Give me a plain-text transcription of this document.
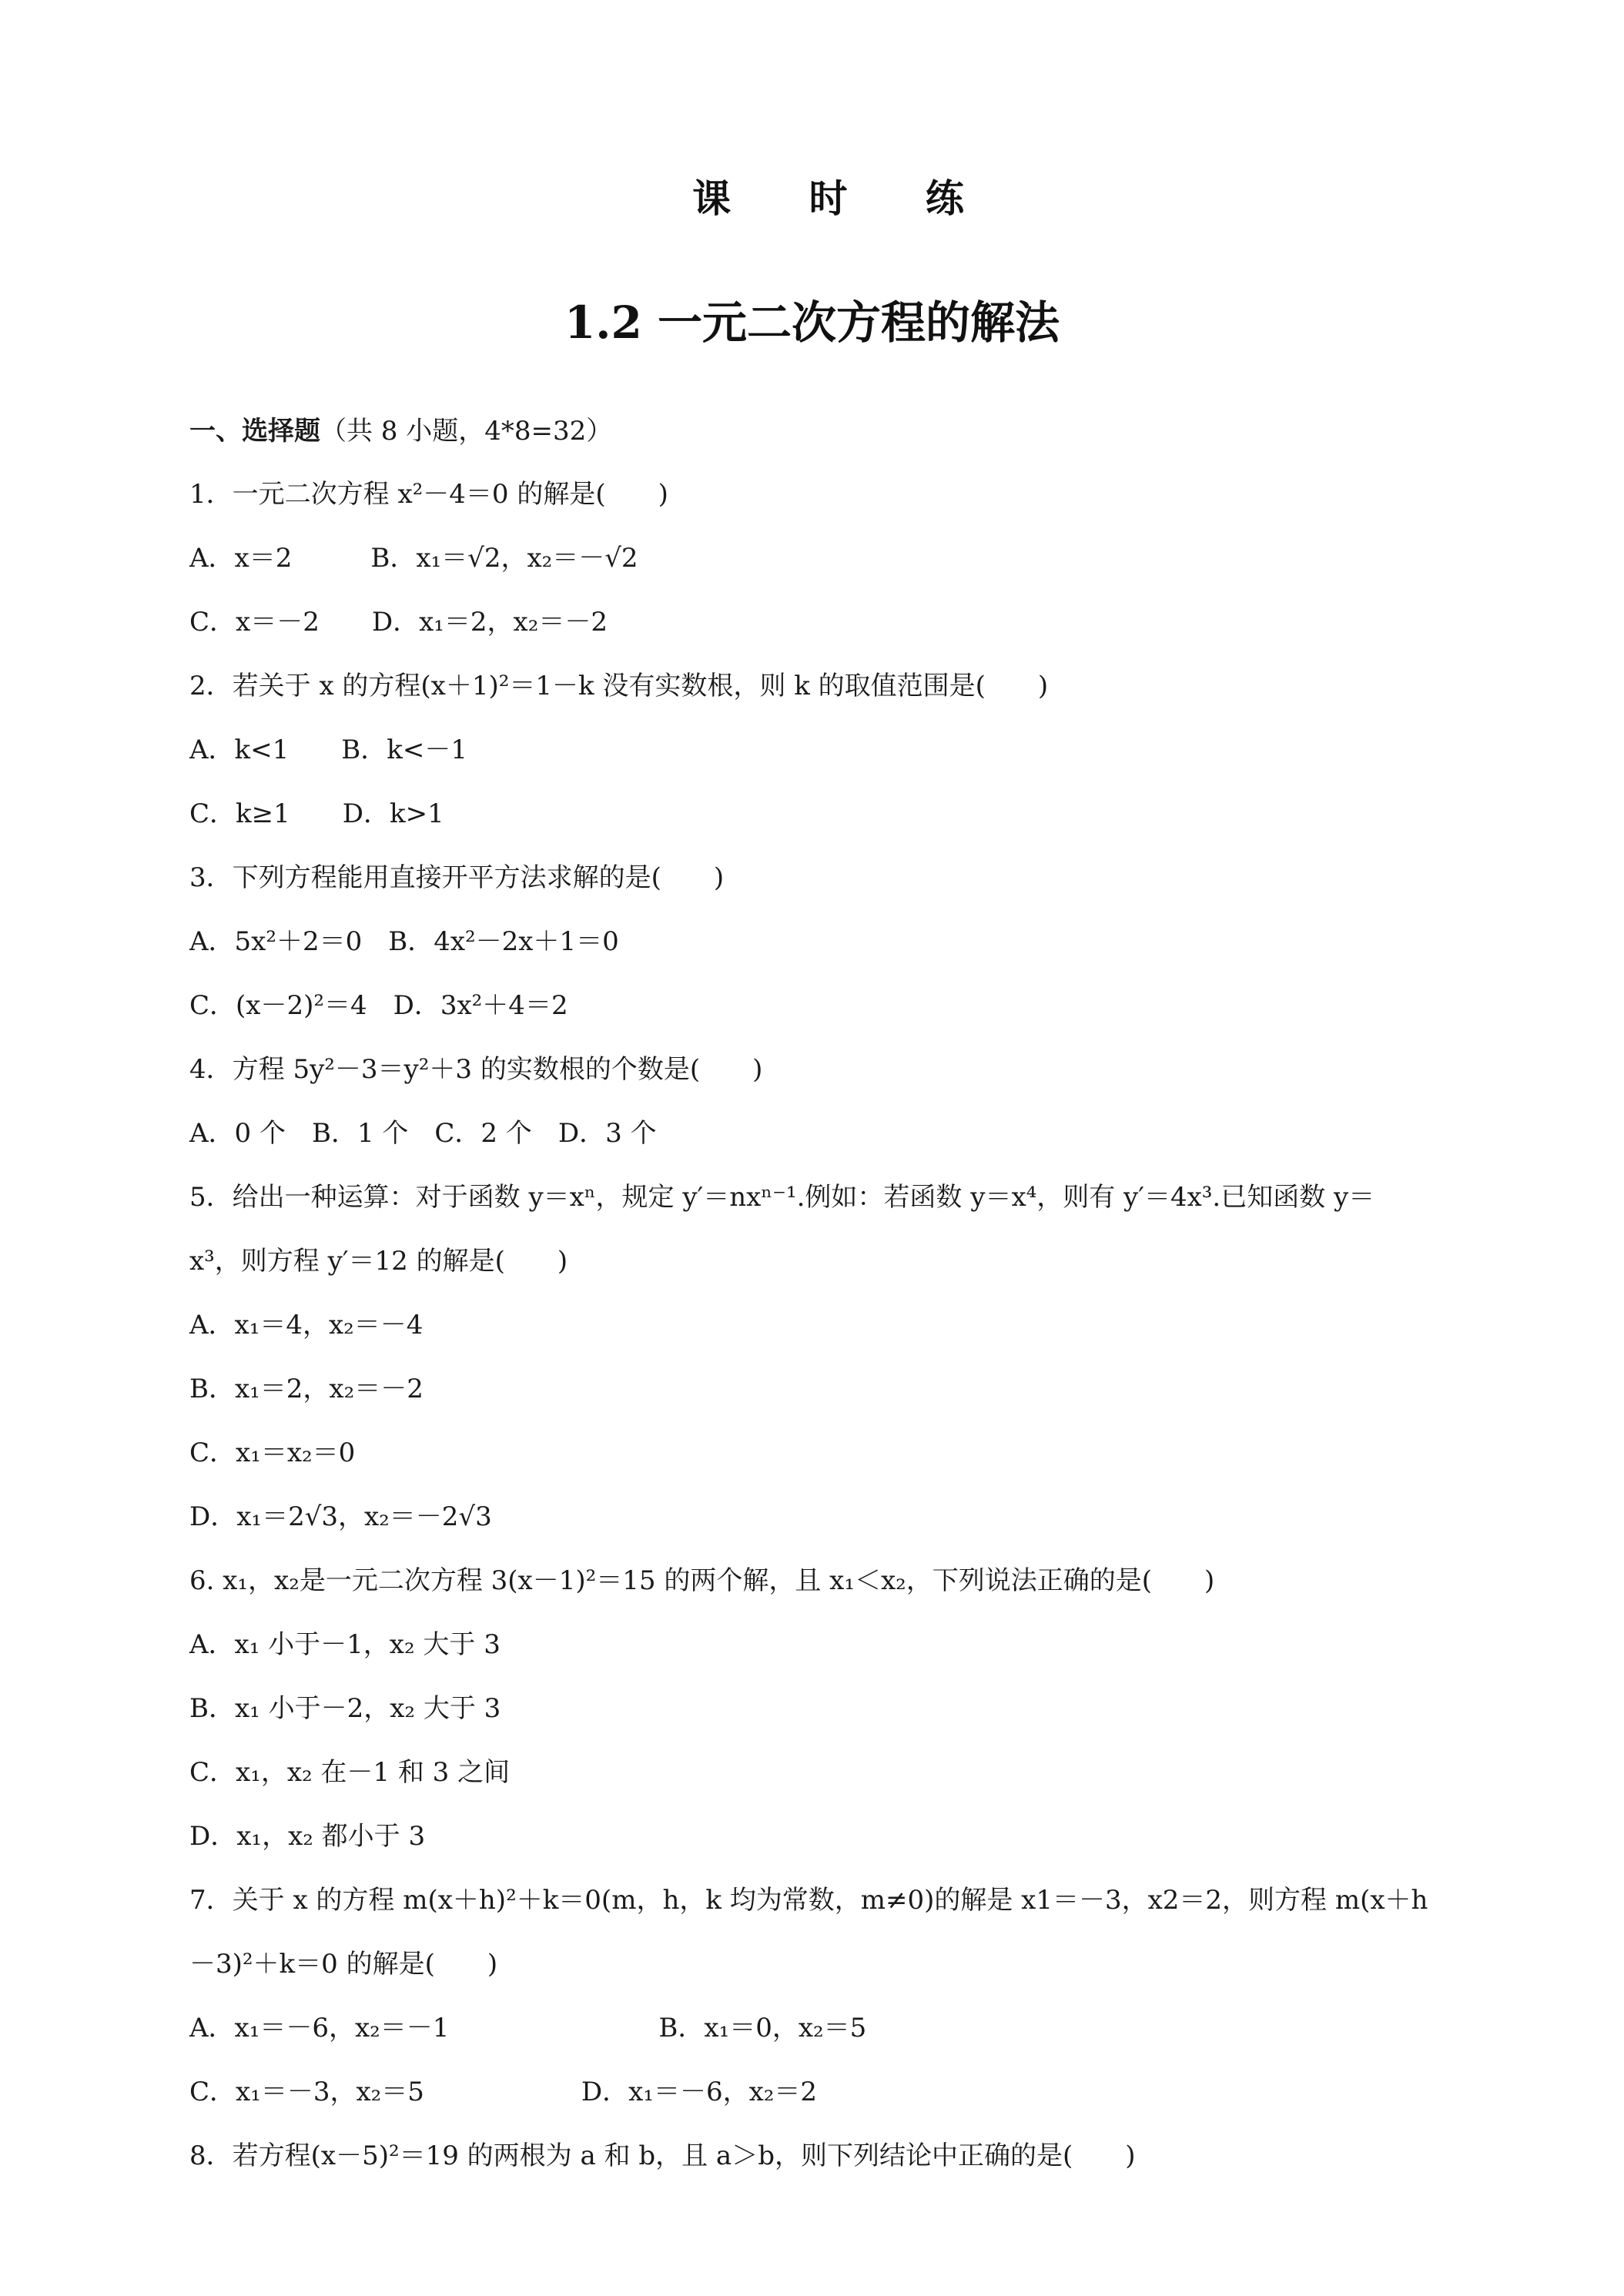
课 时 练
1.2 一元二次方程的解法
一、选择题（共 8 小题，4*8=32）
1．一元二次方程 x²－4＝0 的解是(　　)
A．x＝2　　　B．x₁＝√2，x₂＝－√2
C．x＝－2　　D．x₁＝2，x₂＝－2
2．若关于 x 的方程(x＋1)²＝1－k 没有实数根，则 k 的取值范围是(　　)
A．k<1　　B．k<－1
C．k≥1　　D．k>1
3．下列方程能用直接开平方法求解的是(　　)
A．5x²＋2＝0　B．4x²－2x＋1＝0
C．(x－2)²＝4　D．3x²＋4＝2
4．方程 5y²－3＝y²＋3 的实数根的个数是(　　)
A．0 个　B．1 个　C．2 个　D．3 个
5．给出一种运算：对于函数 y＝xⁿ，规定 y′＝nxⁿ⁻¹.例如：若函数 y＝x⁴，则有 y′＝4x³.已知函数 y＝
x³，则方程 y′＝12 的解是(　　)
A．x₁＝4，x₂＝－4
B．x₁＝2，x₂＝－2
C．x₁＝x₂＝0
D．x₁＝2√3，x₂＝－2√3
6. x₁，x₂是一元二次方程 3(x－1)²＝15 的两个解，且 x₁＜x₂，下列说法正确的是(　　)
A．x₁ 小于－1，x₂ 大于 3
B．x₁ 小于－2，x₂ 大于 3
C．x₁，x₂ 在－1 和 3 之间
D．x₁，x₂ 都小于 3
7．关于 x 的方程 m(x＋h)²＋k＝0(m，h，k 均为常数，m≠0)的解是 x1＝－3，x2＝2，则方程 m(x＋h
－3)²＋k＝0 的解是(　　)
A．x₁＝－6，x₂＝－1　　　　　　　　B．x₁＝0，x₂＝5
C．x₁＝－3，x₂＝5　　　　　　D．x₁＝－6，x₂＝2
8．若方程(x－5)²＝19 的两根为 a 和 b，且 a＞b，则下列结论中正确的是(　　)
